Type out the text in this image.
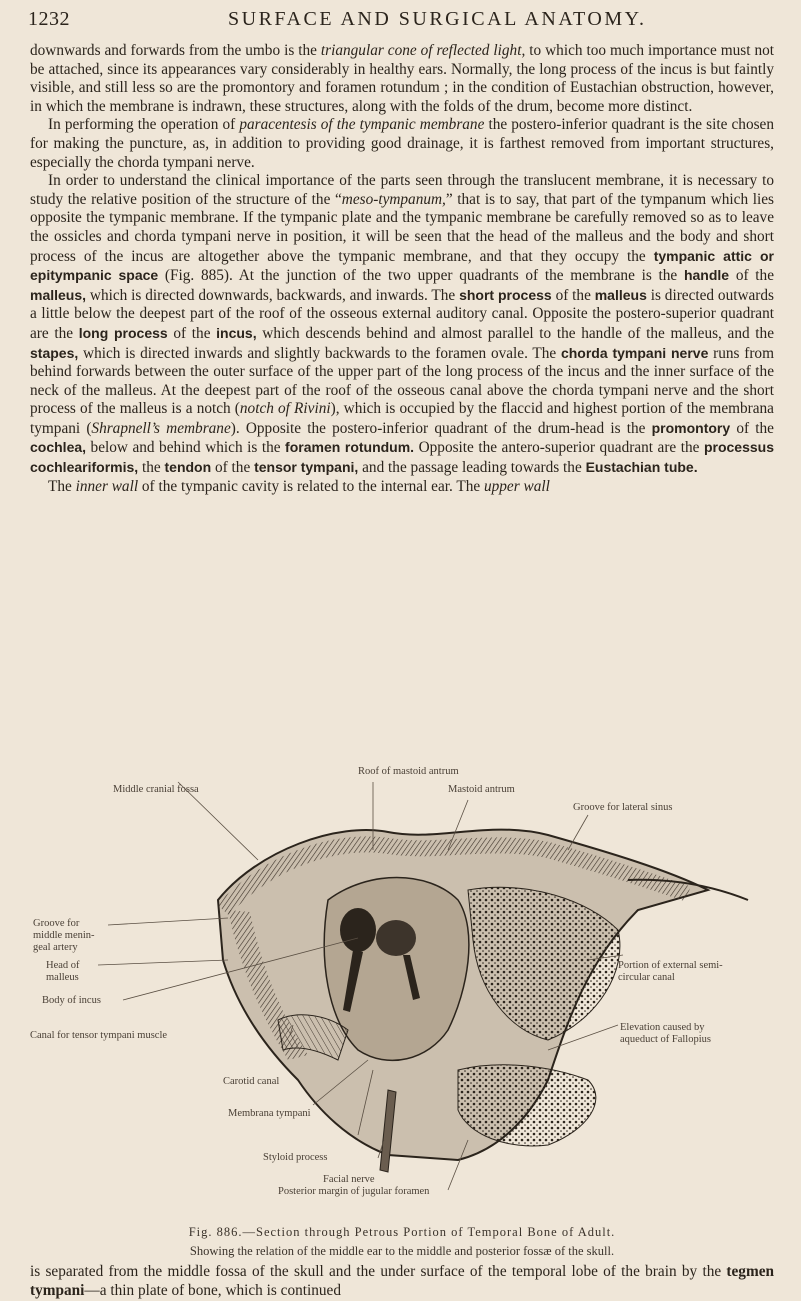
1232	SURFACE AND SURGICAL ANATOMY.

downwards and forwards from the umbo is the triangular cone of reflected light, to which too much importance must not be attached, since its appearances vary considerably in healthy ears. Normally, the long process of the incus is but faintly visible, and still less so are the promontory and foramen rotundum ; in the condition of Eustachian obstruction, however, in which the membrane is indrawn, these structures, along with the folds of the drum, become more distinct.

In performing the operation of paracentesis of the tympanic membrane the postero-inferior quadrant is the site chosen for making the puncture, as, in addition to providing good drainage, it is farthest removed from important structures, especially the chorda tympani nerve.

In order to understand the clinical importance of the parts seen through the translucent membrane, it is necessary to study the relative position of the structure of the “meso-tympanum,” that is to say, that part of the tympanum which lies opposite the tympanic membrane. If the tympanic plate and the tympanic membrane be carefully removed so as to leave the ossicles and chorda tympani nerve in position, it will be seen that the head of the malleus and the body and short process of the incus are altogether above the tympanic membrane, and that they occupy the tympanic attic or epitympanic space (Fig. 885). At the junction of the two upper quadrants of the membrane is the handle of the malleus, which is directed downwards, backwards, and inwards. The short process of the malleus is directed outwards a little below the deepest part of the roof of the osseous external auditory canal. Opposite the postero-superior quadrant are the long process of the incus, which descends behind and almost parallel to the handle of the malleus, and the stapes, which is directed inwards and slightly backwards to the foramen ovale. The chorda tympani nerve runs from behind forwards between the outer surface of the upper part of the long process of the incus and the inner surface of the neck of the malleus. At the deepest part of the roof of the osseous canal above the chorda tympani nerve and the short process of the malleus is a notch (notch of Rivini), which is occupied by the flaccid and highest portion of the membrana tympani (Shrapnell’s membrane). Opposite the postero-inferior quadrant of the drum-head is the promontory of the cochlea, below and behind which is the foramen rotundum. Opposite the antero-superior quadrant are the processus cochleariformis, the tendon of the tensor tympani, and the passage leading towards the Eustachian tube.

The inner wall of the tympanic cavity is related to the internal ear. The upper wall

Roof of mastoid antrum
Middle cranial fossa	Mastoid antrum
Groove for lateral sinus
Groove for
middle menin-
geal artery
Head of
malleus
Portion of external semi-
circular canal
Body of incus
Elevation caused by
aqueduct of Fallopius
Canal for tensor tympani muscle
Carotid canal
Membrana tympani
Styloid process
Facial nerve
Posterior margin of jugular foramen
Fig. 886.—Section through Petrous Portion of Temporal Bone of Adult.
Showing the relation of the middle ear to the middle and posterior fossæ of the skull.
is separated from the middle fossa of the skull and the under surface of the temporal lobe of the brain by the tegmen tympani—a thin plate of bone, which is continued
